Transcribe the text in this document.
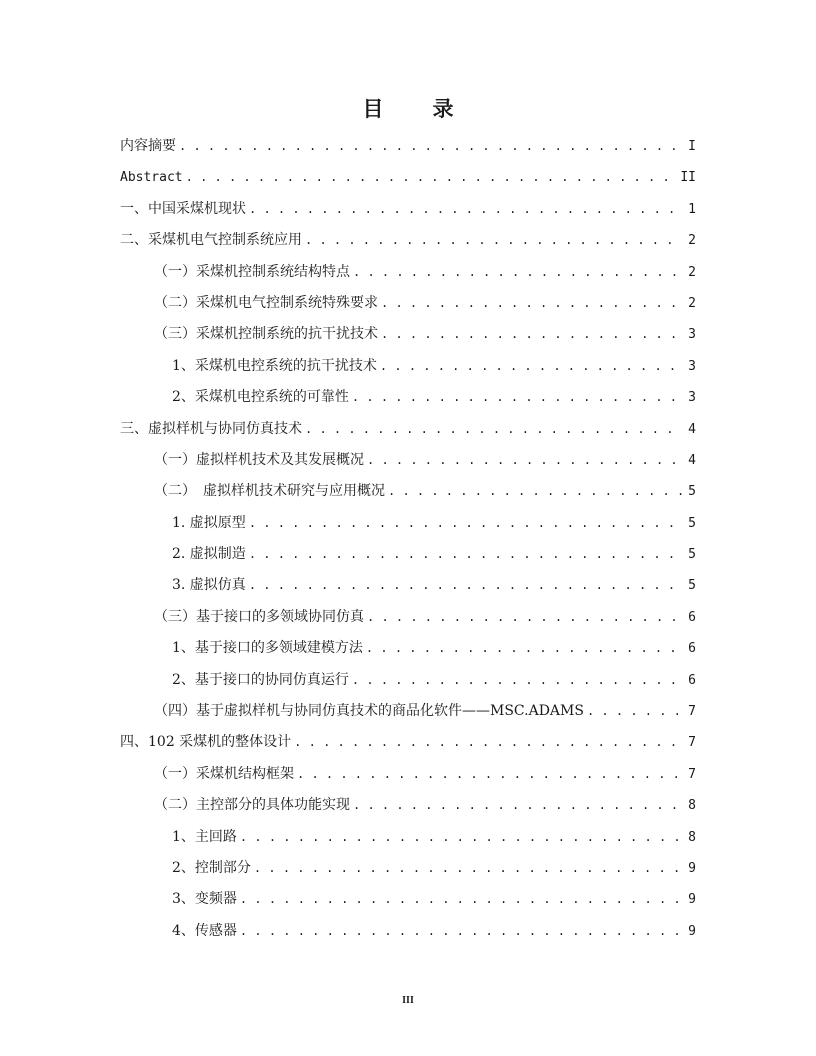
目　录
内容摘要 . . .	I
Abstract . . .	II
一、中国采煤机现状 . . .	1
二、采煤机电气控制系统应用 . . .	2
（一）采煤机控制系统结构特点 . . .	2
（二）采煤机电气控制系统特殊要求 . . .	2
（三）采煤机控制系统的抗干扰技术 . . .	3
1、采煤机电控系统的抗干扰技术 . . .	3
2、采煤机电控系统的可靠性 . . .	3
三、虚拟样机与协同仿真技术 . . .	4
（一）虚拟样机技术及其发展概况 . . .	4
（二）　虚拟样机技术研究与应用概况 . . .	5
1. 虚拟原型 . . .	5
2. 虚拟制造 . . .	5
3. 虚拟仿真 . . .	5
（三）基于接口的多领域协同仿真 . . .	6
1、基于接口的多领域建模方法 . . .	6
2、基于接口的协同仿真运行 . . .	6
（四）基于虚拟样机与协同仿真技术的商品化软件——MSC.ADAMS . . .	7
四、102 采煤机的整体设计 . . .	7
（一）采煤机结构框架 . . .	7
（二）主控部分的具体功能实现 . . .	8
1、主回路 . . .	8
2、控制部分 . . .	9
3、变频器 . . .	9
4、传感器 . . .	9
III
